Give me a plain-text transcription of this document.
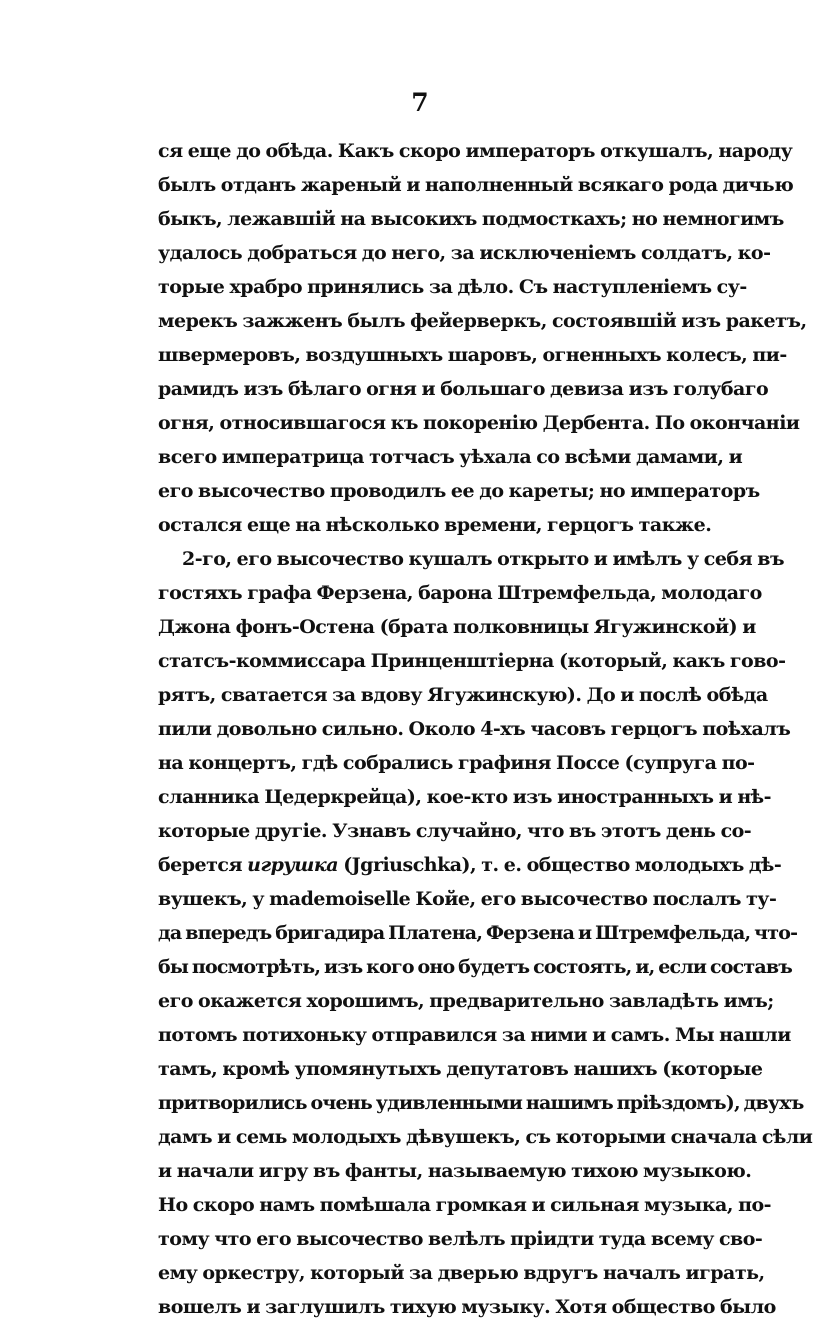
7
ся еще до обѣда. Какъ скоро императоръ откушалъ, народу
былъ отданъ жареный и наполненный всякаго рода дичью
быкъ, лежавшій на высокихъ подмосткахъ; но немногимъ
удалось добраться до него, за исключеніемъ солдатъ, ко-
торые храбро принялись за дѣло. Съ наступленіемъ су-
мерекъ зажженъ былъ фейерверкъ, состоявшій изъ ракетъ,
швермеровъ, воздушныхъ шаровъ, огненныхъ колесъ, пи-
рамидъ изъ бѣлаго огня и большаго девиза изъ голубаго
огня, относившагося къ покоренію Дербента. По окончаніи
всего императрица тотчасъ уѣхала со всѣми дамами, и
его высочество проводилъ ее до кареты; но императоръ
остался еще на нѣсколько времени, герцогъ также.
2-го, его высочество кушалъ открыто и имѣлъ у себя въ
гостяхъ графа Ферзена, барона Штремфельда, молодаго
Джона фонъ-Остена (брата полковницы Ягужинской) и
статсъ-коммиссара Принценштіерна (который, какъ гово-
рятъ, сватается за вдову Ягужинскую). До и послѣ обѣда
пили довольно сильно. Около 4-хъ часовъ герцогъ поѣхалъ
на концертъ, гдѣ собрались графиня Поссе (супруга по-
сланника Цедеркрейца), кое-кто изъ иностранныхъ и нѣ-
которые другіе. Узнавъ случайно, что въ этотъ день со-
берется игрушка (Jgriuschka), т. е. общество молодыхъ дѣ-
вушекъ, у mademoiselle Койе, его высочество послалъ ту-
да впередъ бригадира Платена, Ферзена и Штремфельда, что-
бы посмотрѣть, изъ кого оно будетъ состоять, и, если составъ
его окажется хорошимъ, предварительно завладѣть имъ;
потомъ потихоньку отправился за ними и самъ. Мы нашли
тамъ, кромѣ упомянутыхъ депутатовъ нашихъ (которые
притворились очень удивленными нашимъ пріѣздомъ), двухъ
дамъ и семь молодыхъ дѣвушекъ, съ которыми сначала сѣли
и начали игру въ фанты, называемую тихою музыкою.
Но скоро намъ помѣшала громкая и сильная музыка, по-
тому что его высочество велѣлъ пріидти туда всему сво-
ему оркестру, который за дверью вдругъ началъ играть,
вошелъ и заглушилъ тихую музыку. Хотя общество было
